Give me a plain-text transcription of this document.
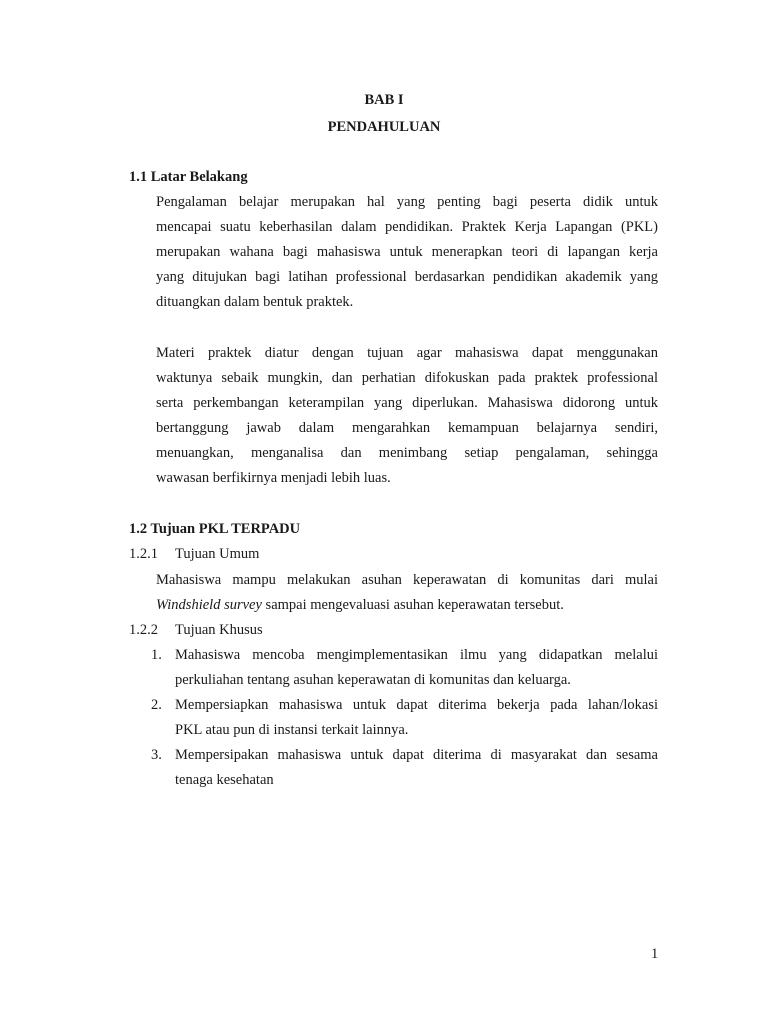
BAB I
PENDAHULUAN
1.1 Latar Belakang
Pengalaman belajar merupakan hal yang penting bagi peserta didik untuk
mencapai suatu keberhasilan dalam pendidikan. Praktek Kerja Lapangan (PKL)
merupakan wahana bagi mahasiswa untuk menerapkan teori di lapangan kerja
yang ditujukan bagi latihan professional berdasarkan pendidikan akademik yang
dituangkan dalam bentuk praktek.
Materi praktek diatur dengan tujuan agar mahasiswa dapat menggunakan
waktunya sebaik mungkin, dan perhatian difokuskan pada praktek professional
serta perkembangan keterampilan yang diperlukan. Mahasiswa didorong untuk
bertanggung jawab dalam mengarahkan kemampuan belajarnya sendiri,
menuangkan, menganalisa dan menimbang setiap pengalaman, sehingga
wawasan berfikirnya menjadi lebih luas.
1.2 Tujuan PKL TERPADU
1.2.1 Tujuan Umum
Mahasiswa mampu melakukan asuhan keperawatan di komunitas dari mulai
Windshield survey sampai mengevaluasi asuhan keperawatan tersebut.
1.2.2 Tujuan Khusus
1. Mahasiswa mencoba mengimplementasikan ilmu yang didapatkan melalui
perkuliahan tentang asuhan keperawatan di komunitas dan keluarga.
2. Mempersiapkan mahasiswa untuk dapat diterima bekerja pada lahan/lokasi
PKL atau pun di instansi terkait lainnya.
3. Mempersipakan mahasiswa untuk dapat diterima di masyarakat dan sesama
tenaga kesehatan
1
